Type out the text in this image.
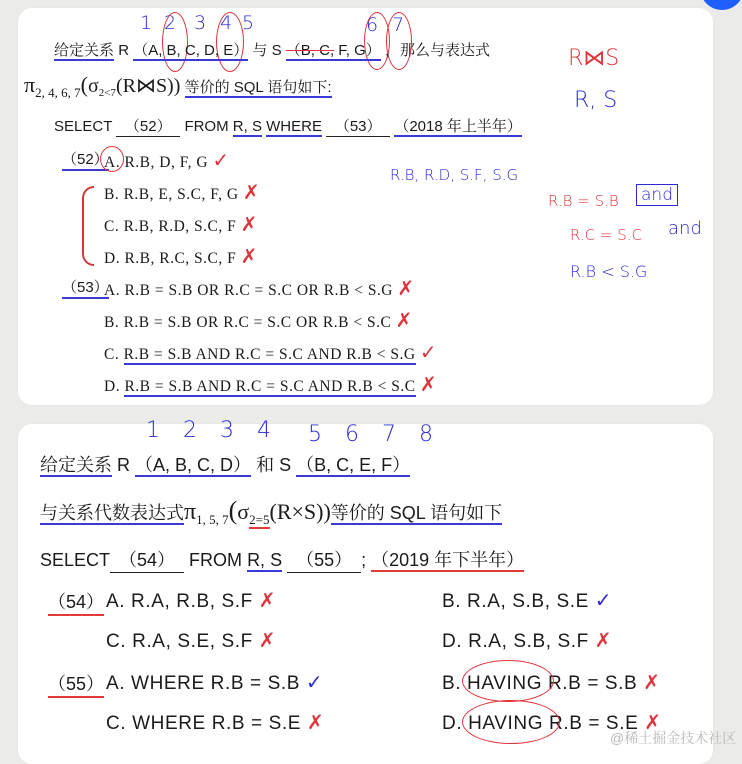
1 2 3 4 5	6 7
给定关系 R （A, B, C, D, E） 与 S （B, C, F, G） ，那么与表达式
π2, 4, 6, $7(\sigma_{2<7}(R⋈S))$ 等价的 SQL 语句如下:
SELECT （52） FROM R, S WHERE （53） （2018 年上半年）
（52）
A. R.B, D, F, G ✓
B. R.B, E, S.C, F, G ✗
C. R.B, R.D, S.C, F ✗
D. R.B, R.C, S.C, F ✗
（53）
A. R.B = S.B OR R.C = S.C OR R.B < S.G ✗
B. R.B = S.B OR R.C = S.C OR R.B < S.C ✗
C. R.B = S.B AND R.C = S.C AND R.B < S.G ✓
D. R.B = S.B AND R.C = S.C AND R.B < S.C ✗
R⋈S
R, S
R.B, R.D, S.F, S.G
R.B = S.B and
R.C = S.C and
R.B < S.G
1 2 3 4 5 6 7 8
给定关系 R （A, B, C, D） 和 S （B, C, E, F）
与关系代数表达式$\pi_{1, 5, 7}(\sigma_{2=5}(R\times S))$等价的 SQL 语句如下
SELECT （54） FROM R, S （55） ; （2019 年下半年）
（54） A. R.A, R.B, S.F ✗	B. R.A, S.B, S.E ✓
C. R.A, S.E, S.F ✗	D. R.A, S.B, S.F ✗
（55） A. WHERE R.B = S.B ✓	B. HAVING R.B = S.B ✗
C. WHERE R.B = S.E ✗	D. HAVING R.B = S.E ✗
@稀土掘金技术社区
